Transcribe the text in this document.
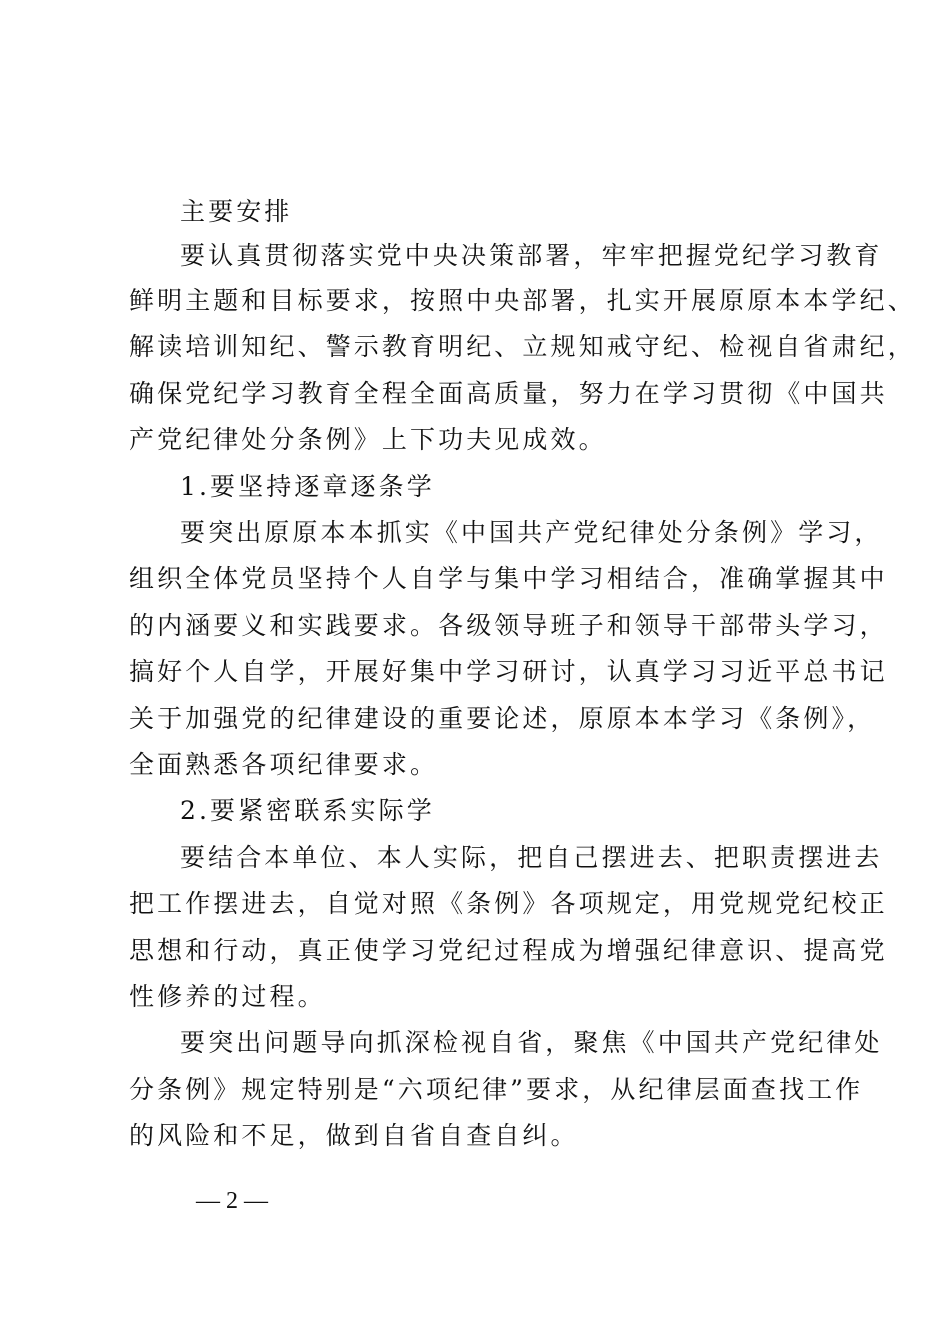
主要安排
要认真贯彻落实党中央决策部署，牢牢把握党纪学习教育
鲜明主题和目标要求，按照中央部署，扎实开展原原本本学纪、
解读培训知纪、警示教育明纪、立规知戒守纪、检视自省肃纪，
确保党纪学习教育全程全面高质量，努力在学习贯彻《中国共
产党纪律处分条例》上下功夫见成效。
1.要坚持逐章逐条学
要突出原原本本抓实《中国共产党纪律处分条例》学习，
组织全体党员坚持个人自学与集中学习相结合，准确掌握其中
的内涵要义和实践要求。各级领导班子和领导干部带头学习，
搞好个人自学，开展好集中学习研讨，认真学习习近平总书记
关于加强党的纪律建设的重要论述，原原本本学习《条例》，
全面熟悉各项纪律要求。
2.要紧密联系实际学
要结合本单位、本人实际，把自己摆进去、把职责摆进去
把工作摆进去，自觉对照《条例》各项规定，用党规党纪校正
思想和行动，真正使学习党纪过程成为增强纪律意识、提高党
性修养的过程。
要突出问题导向抓深检视自省，聚焦《中国共产党纪律处
分条例》规定特别是“六项纪律”要求，从纪律层面查找工作
的风险和不足，做到自省自查自纠。
— 2 —
